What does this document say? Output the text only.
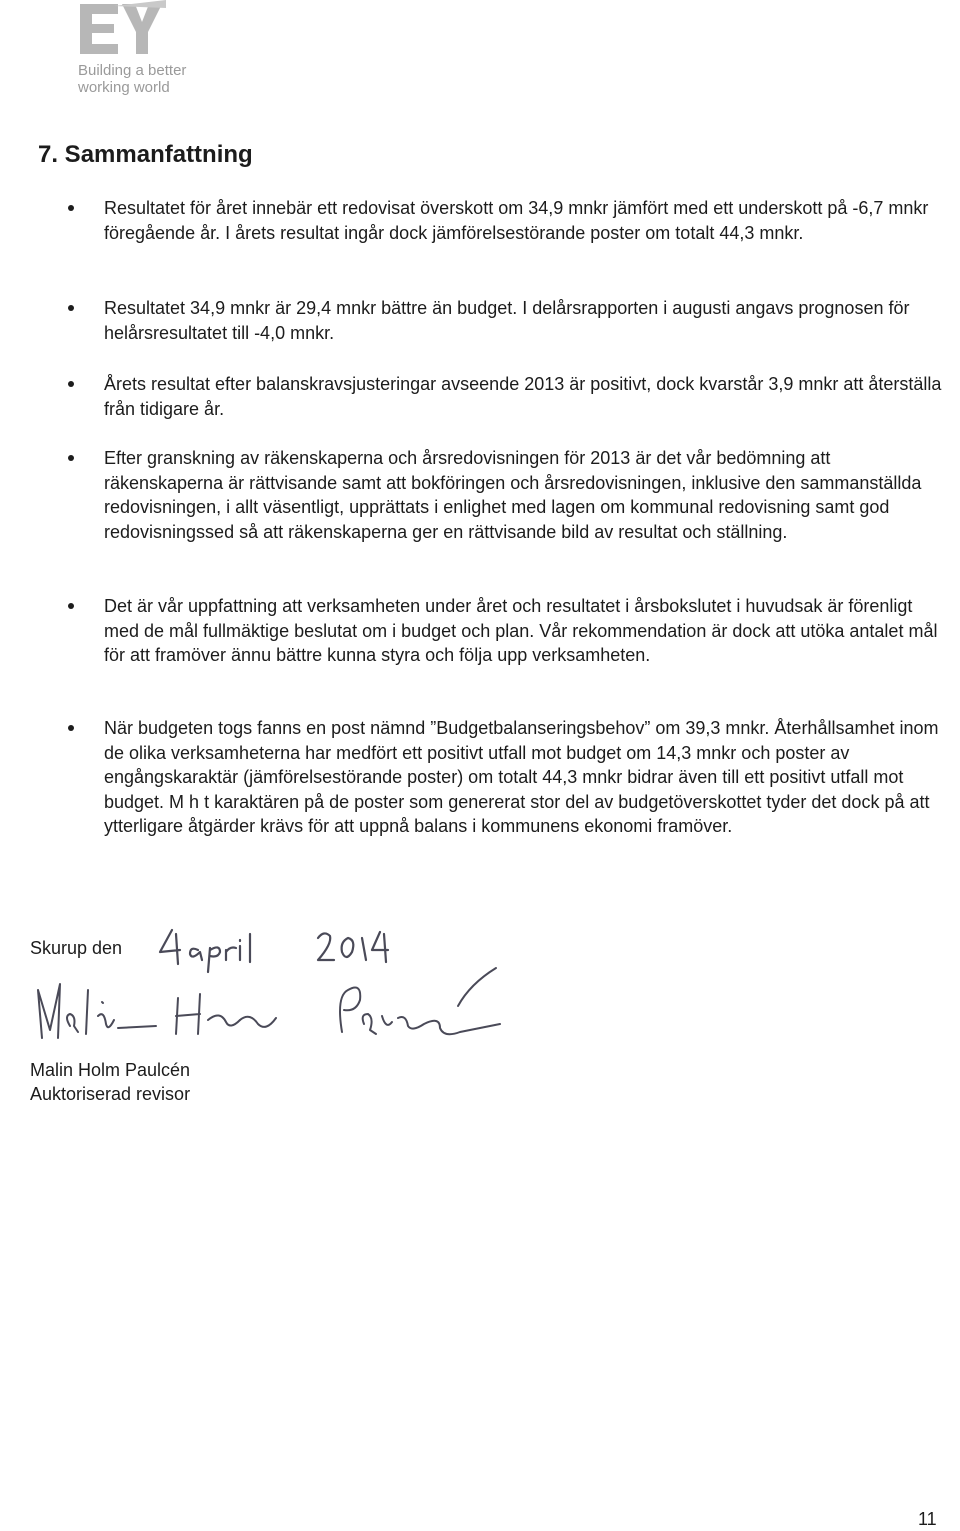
Building a better
working world
7. Sammanfattning
Resultatet för året innebär ett redovisat överskott om 34,9 mnkr jämfört med ett underskott på -6,7 mnkr föregående år. I årets resultat ingår dock jämförelsestörande poster om totalt 44,3 mnkr.
Resultatet 34,9 mnkr är 29,4 mnkr bättre än budget. I delårsrapporten i augusti angavs prognosen för helårsresultatet till -4,0 mnkr.
Årets resultat efter balanskravsjusteringar avseende 2013 är positivt, dock kvarstår 3,9 mnkr att återställa från tidigare år.
Efter granskning av räkenskaperna och årsredovisningen för 2013 är det vår bedömning att räkenskaperna är rättvisande samt att bokföringen och årsredovisningen, inklusive den sammanställda redovisningen, i allt väsentligt, upprättats i enlighet med lagen om kommunal redovisning samt god redovisningssed så att räkenskaperna ger en rättvisande bild av resultat och ställning.
Det är vår uppfattning att verksamheten under året och resultatet i årsbokslutet i huvudsak är förenligt med de mål fullmäktige beslutat om i budget och plan. Vår rekommendation är dock att utöka antalet mål för att framöver ännu bättre kunna styra och följa upp verksamheten.
När budgeten togs fanns en post nämnd ”Budgetbalanseringsbehov” om 39,3 mnkr. Återhållsamhet inom de olika verksamheterna har medfört ett positivt utfall mot budget om 14,3 mnkr och poster av engångskaraktär (jämförelsestörande poster) om totalt 44,3 mnkr bidrar även till ett positivt utfall mot budget. M h t karaktären på de poster som genererat stor del av budgetöverskottet tyder det dock på att ytterligare åtgärder krävs för att uppnå balans i kommunens ekonomi framöver.
Skurup den
Malin Holm Paulcén
Auktoriserad revisor
11
